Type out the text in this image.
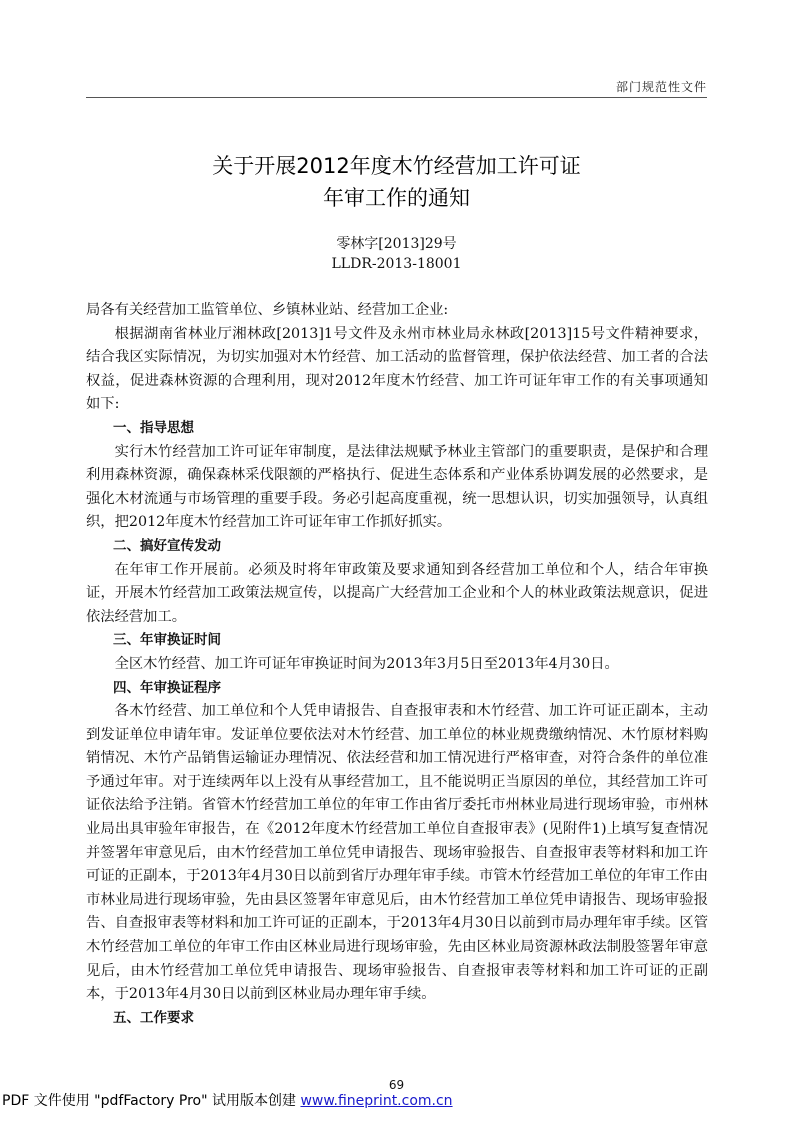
部门规范性文件
关于开展2012年度木竹经营加工许可证
年审工作的通知
零林字[2013]29号
LLDR-2013-18001

局各有关经营加工监管单位、乡镇林业站、经营加工企业:

根据湖南省林业厅湘林政[2013]1号文件及永州市林业局永林政[2013]15号文件精神要求，结合我区实际情况，为切实加强对木竹经营、加工活动的监督管理，保护依法经营、加工者的合法权益，促进森林资源的合理利用，现对2012年度木竹经营、加工许可证年审工作的有关事项通知如下:

一、指导思想

实行木竹经营加工许可证年审制度，是法律法规赋予林业主管部门的重要职责，是保护和合理利用森林资源，确保森林采伐限额的严格执行、促进生态体系和产业体系协调发展的必然要求，是强化木材流通与市场管理的重要手段。务必引起高度重视，统一思想认识，切实加强领导，认真组织，把2012年度木竹经营加工许可证年审工作抓好抓实。

二、搞好宣传发动

在年审工作开展前。必须及时将年审政策及要求通知到各经营加工单位和个人，结合年审换证，开展木竹经营加工政策法规宣传，以提高广大经营加工企业和个人的林业政策法规意识，促进依法经营加工。

三、年审换证时间

全区木竹经营、加工许可证年审换证时间为2013年3月5日至2013年4月30日。

四、年审换证程序

各木竹经营、加工单位和个人凭申请报告、自查报审表和木竹经营、加工许可证正副本，主动到发证单位申请年审。发证单位要依法对木竹经营、加工单位的林业规费缴纳情况、木竹原材料购销情况、木竹产品销售运输证办理情况、依法经营和加工情况进行严格审查，对符合条件的单位准予通过年审。对于连续两年以上没有从事经营加工，且不能说明正当原因的单位，其经营加工许可证依法给予注销。省管木竹经营加工单位的年审工作由省厅委托市州林业局进行现场审验，市州林业局出具审验年审报告，在《2012年度木竹经营加工单位自查报审表》(见附件1)上填写复查情况并签署年审意见后，由木竹经营加工单位凭申请报告、现场审验报告、自查报审表等材料和加工许可证的正副本，于2013年4月30日以前到省厅办理年审手续。市管木竹经营加工单位的年审工作由市林业局进行现场审验，先由县区签署年审意见后，由木竹经营加工单位凭申请报告、现场审验报告、自查报审表等材料和加工许可证的正副本，于2013年4月30日以前到市局办理年审手续。区管木竹经营加工单位的年审工作由区林业局进行现场审验，先由区林业局资源林政法制股签署年审意见后，由木竹经营加工单位凭申请报告、现场审验报告、自查报审表等材料和加工许可证的正副本，于2013年4月30日以前到区林业局办理年审手续。

五、工作要求

69
PDF 文件使用 "pdfFactory Pro" 试用版本创建 www.fineprint.com.cn
